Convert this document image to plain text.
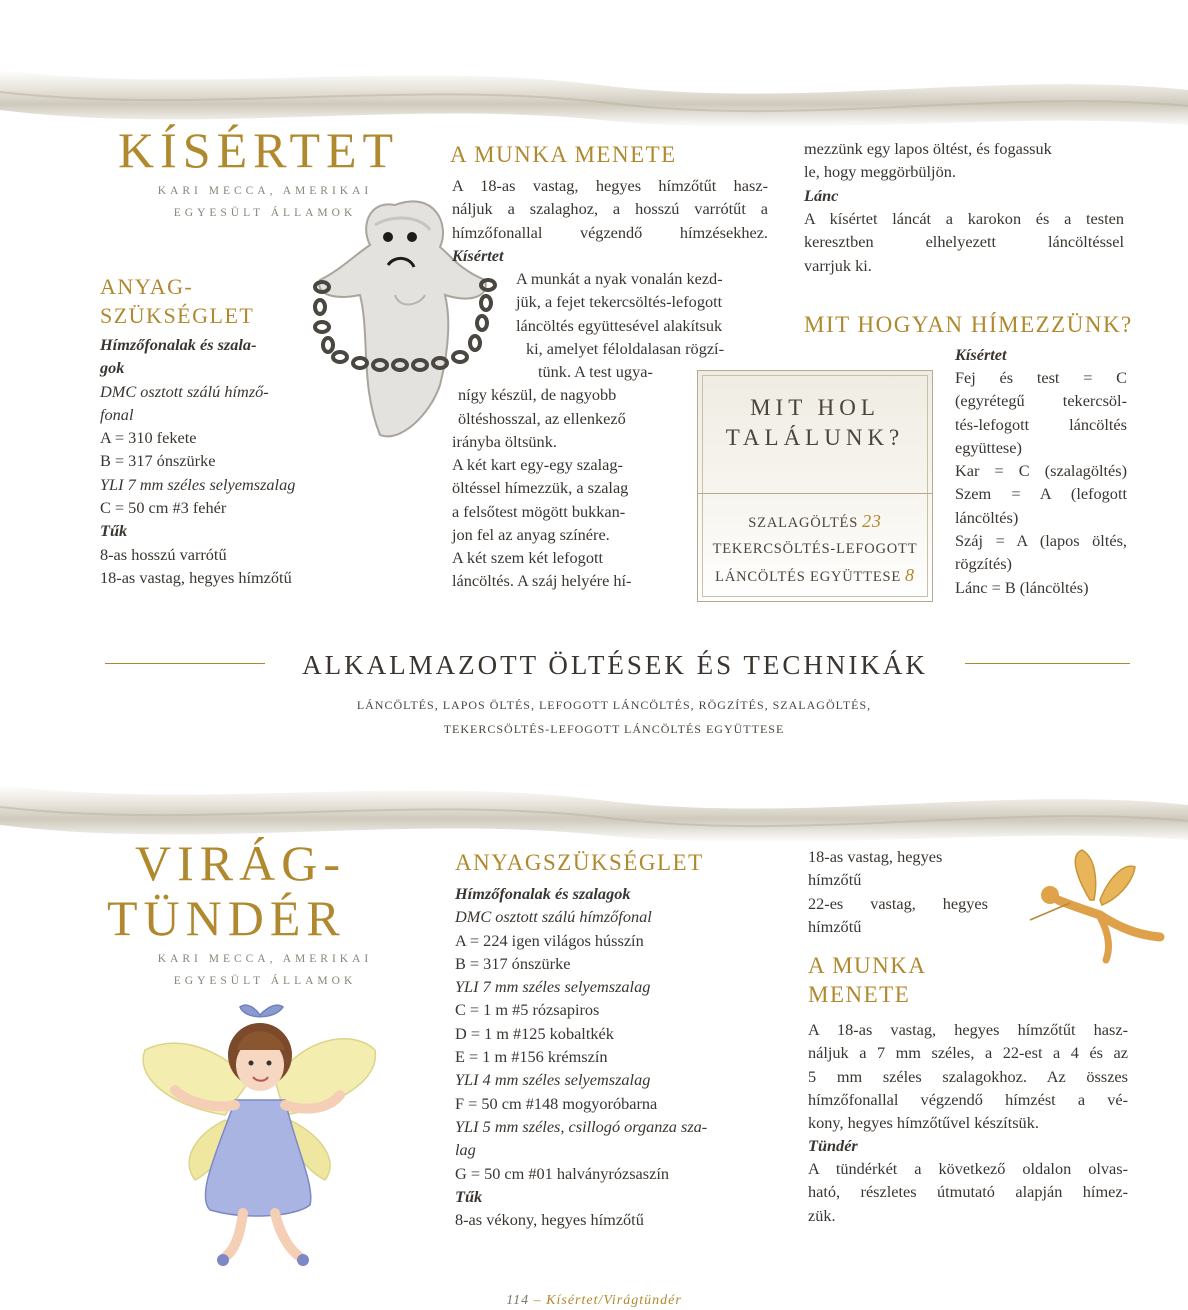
KÍSÉRTET
KARI MECCA, AMERIKAI
EGYESÜLT ÁLLAMOK
ANYAG-
SZÜKSÉGLET
Hímzőfonalak és szala-
gok
DMC osztott szálú hímző-
fonal
A = 310 fekete
B = 317 ónszürke
YLI 7 mm széles selyemszalag
C = 50 cm #3 fehér
Tűk
8-as hosszú varrótű
18-as vastag, hegyes hímzőtű
A MUNKA MENETE
A 18-as vastag, hegyes hímzőtűt hasz-
náljuk a szalaghoz, a hosszú varrótűt a
hímzőfonallal végzendő hímzésekhez.
Kísértet
A munkát a nyak vonalán kezd-
jük, a fejet tekercsöltés-lefogott
láncöltés együttesével alakítsuk
ki, amelyet féloldalasan rögzí-
tünk. A test ugya-
nígy készül, de nagyobb
öltéshosszal, az ellenkező
irányba öltsünk.
A két kart egy-egy szalag-
öltéssel hímezzük, a szalag
a felsőtest mögött bukkan-
jon fel az anyag színére.
A két szem két lefogott
láncöltés. A száj helyére hí-
mezzünk egy lapos öltést, és fogassuk
le, hogy meggörbüljön.
Lánc
A kísértet láncát a karokon és a testen
keresztben elhelyezett láncöltéssel
varrjuk ki.
MIT HOGYAN HÍMEZZÜNK?
Kísértet
Fej és test = C
(egyrétegű tekercsöl-
tés-lefogott láncöltés
együttese)
Kar = C (szalagöltés)
Szem = A (lefogott
láncöltés)
Száj = A (lapos öltés,
rögzítés)
Lánc = B (láncöltés)
MIT HOL
TALÁLUNK?
SZALAGÖLTÉS 23
TEKERCSÖLTÉS-LEFOGOTT
LÁNCÖLTÉS EGYÜTTESE 8
ALKALMAZOTT ÖLTÉSEK ÉS TECHNIKÁK
LÁNCÖLTÉS, LAPOS ÖLTÉS, LEFOGOTT LÁNCÖLTÉS, RÖGZÍTÉS, SZALAGÖLTÉS,
TEKERCSÖLTÉS-LEFOGOTT LÁNCÖLTÉS EGYÜTTESE
VIRÁG-
TÜNDÉR
KARI MECCA, AMERIKAI
EGYESÜLT ÁLLAMOK
ANYAGSZÜKSÉGLET
Hímzőfonalak és szalagok
DMC osztott szálú hímzőfonal
A = 224 igen világos hússzín
B = 317 ónszürke
YLI 7 mm széles selyemszalag
C = 1 m #5 rózsapiros
D = 1 m #125 kobaltkék
E = 1 m #156 krémszín
YLI 4 mm széles selyemszalag
F = 50 cm #148 mogyoróbarna
YLI 5 mm széles, csillogó organza sza-
lag
G = 50 cm #01 halványrózsaszín
Tűk
8-as vékony, hegyes hímzőtű
18-as vastag, hegyes
hímzőtű
22-es vastag, hegyes
hímzőtű
A MUNKA
MENETE
A 18-as vastag, hegyes hímzőtűt hasz-
náljuk a 7 mm széles, a 22-est a 4 és az
5 mm széles szalagokhoz. Az összes
hímzőfonallal végzendő hímzést a vé-
kony, hegyes hímzőtűvel készítsük.
Tündér
A tündérkét a következő oldalon olvas-
ható, részletes útmutató alapján hímez-
zük.
114 – Kísértet/Virágtündér
